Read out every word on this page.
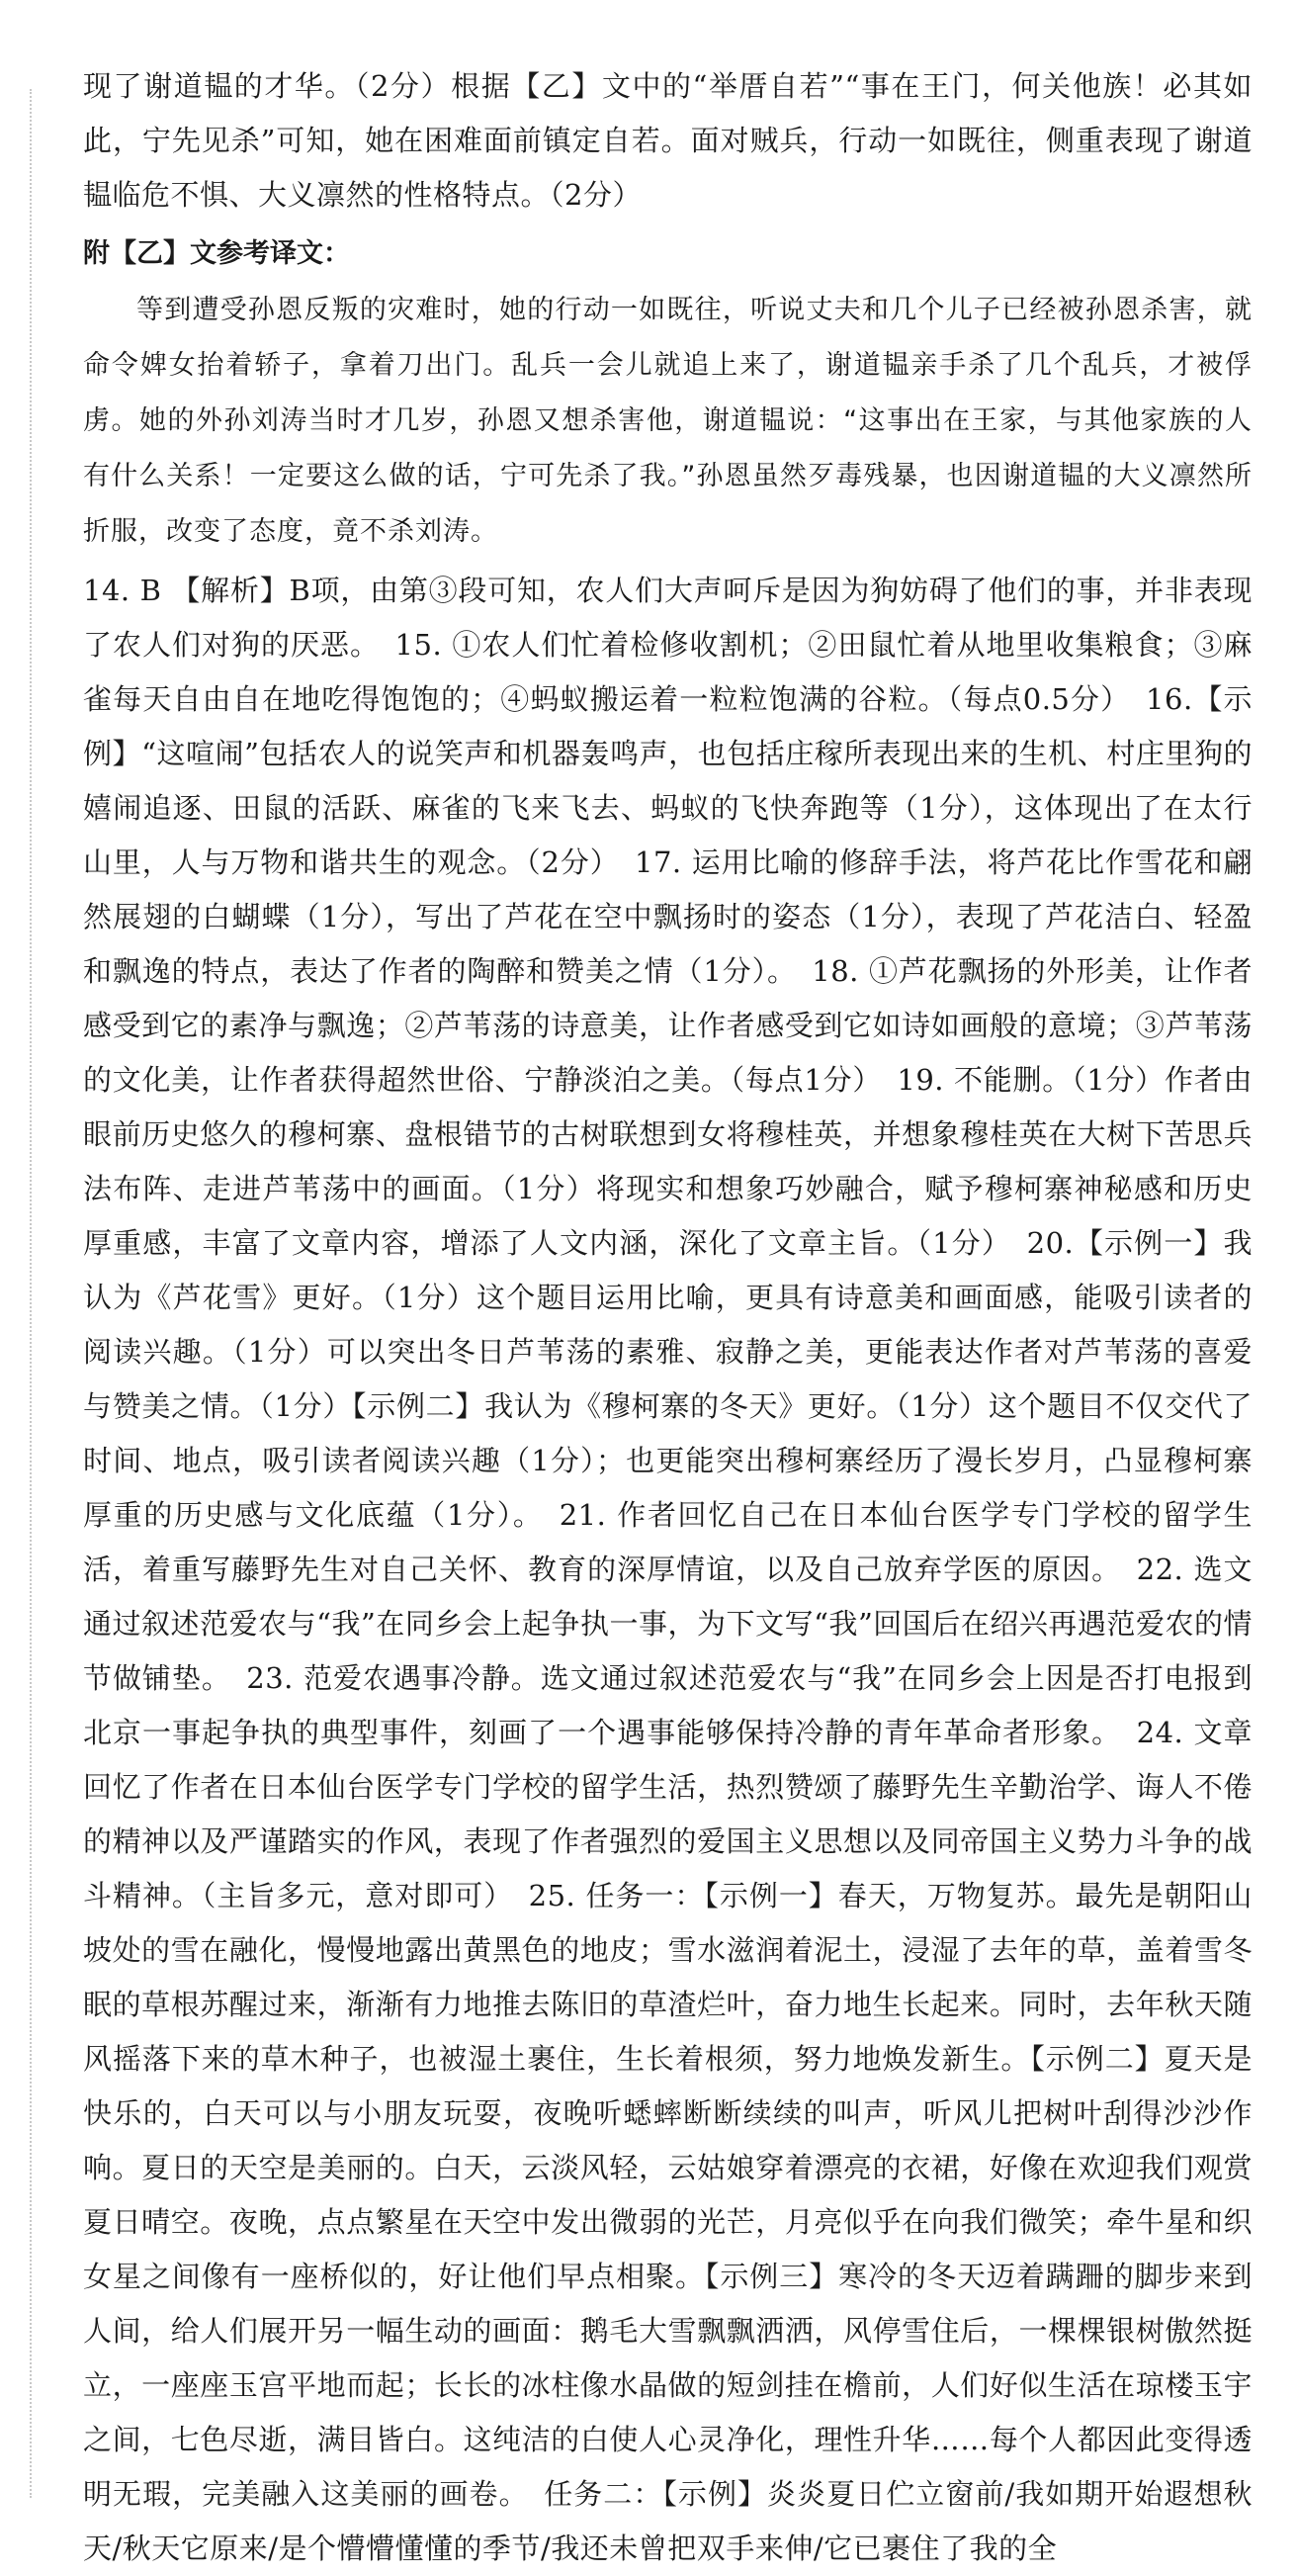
现了谢道韫的才华。（2分）根据【乙】文中的“举厝自若”“事在王门，何关他族！必其如此，宁先见杀”可知，她在困难面前镇定自若。面对贼兵，行动一如既往，侧重表现了谢道韫临危不惧、大义凛然的性格特点。（2分）

附【乙】文参考译文：

等到遭受孙恩反叛的灾难时，她的行动一如既往，听说丈夫和几个儿子已经被孙恩杀害，就命令婢女抬着轿子，拿着刀出门。乱兵一会儿就追上来了，谢道韫亲手杀了几个乱兵，才被俘虏。她的外孙刘涛当时才几岁，孙恩又想杀害他，谢道韫说：“这事出在王家，与其他家族的人有什么关系！一定要这么做的话，宁可先杀了我。”孙恩虽然歹毒残暴，也因谢道韫的大义凛然所折服，改变了态度，竟不杀刘涛。

14. B 【解析】B项，由第③段可知，农人们大声呵斥是因为狗妨碍了他们的事，并非表现了农人们对狗的厌恶。　15. ①农人们忙着检修收割机；②田鼠忙着从地里收集粮食；③麻雀每天自由自在地吃得饱饱的；④蚂蚁搬运着一粒粒饱满的谷粒。（每点0.5分）　16.【示例】“这喧闹”包括农人的说笑声和机器轰鸣声，也包括庄稼所表现出来的生机、村庄里狗的嬉闹追逐、田鼠的活跃、麻雀的飞来飞去、蚂蚁的飞快奔跑等（1分），这体现出了在太行山里，人与万物和谐共生的观念。（2分）　17. 运用比喻的修辞手法，将芦花比作雪花和翩然展翅的白蝴蝶（1分），写出了芦花在空中飘扬时的姿态（1分），表现了芦花洁白、轻盈和飘逸的特点，表达了作者的陶醉和赞美之情（1分）。　18. ①芦花飘扬的外形美，让作者感受到它的素净与飘逸；②芦苇荡的诗意美，让作者感受到它如诗如画般的意境；③芦苇荡的文化美，让作者获得超然世俗、宁静淡泊之美。（每点1分）　19. 不能删。（1分）作者由眼前历史悠久的穆柯寨、盘根错节的古树联想到女将穆桂英，并想象穆桂英在大树下苦思兵法布阵、走进芦苇荡中的画面。（1分）将现实和想象巧妙融合，赋予穆柯寨神秘感和历史厚重感，丰富了文章内容，增添了人文内涵，深化了文章主旨。（1分）　20.【示例一】我认为《芦花雪》更好。（1分）这个题目运用比喻，更具有诗意美和画面感，能吸引读者的阅读兴趣。（1分）可以突出冬日芦苇荡的素雅、寂静之美，更能表达作者对芦苇荡的喜爱与赞美之情。（1分）【示例二】我认为《穆柯寨的冬天》更好。（1分）这个题目不仅交代了时间、地点，吸引读者阅读兴趣（1分）；也更能突出穆柯寨经历了漫长岁月，凸显穆柯寨厚重的历史感与文化底蕴（1分）。　21. 作者回忆自己在日本仙台医学专门学校的留学生活，着重写藤野先生对自己关怀、教育的深厚情谊，以及自己放弃学医的原因。　22. 选文通过叙述范爱农与“我”在同乡会上起争执一事，为下文写“我”回国后在绍兴再遇范爱农的情节做铺垫。　23. 范爱农遇事冷静。选文通过叙述范爱农与“我”在同乡会上因是否打电报到北京一事起争执的典型事件，刻画了一个遇事能够保持冷静的青年革命者形象。　24. 文章回忆了作者在日本仙台医学专门学校的留学生活，热烈赞颂了藤野先生辛勤治学、诲人不倦的精神以及严谨踏实的作风，表现了作者强烈的爱国主义思想以及同帝国主义势力斗争的战斗精神。（主旨多元，意对即可）　25. 任务一：【示例一】春天，万物复苏。最先是朝阳山坡处的雪在融化，慢慢地露出黄黑色的地皮；雪水滋润着泥土，浸湿了去年的草，盖着雪冬眠的草根苏醒过来，渐渐有力地推去陈旧的草渣烂叶，奋力地生长起来。同时，去年秋天随风摇落下来的草木种子，也被湿土裹住，生长着根须，努力地焕发新生。【示例二】夏天是快乐的，白天可以与小朋友玩耍，夜晚听蟋蟀断断续续的叫声，听风儿把树叶刮得沙沙作响。夏日的天空是美丽的。白天，云淡风轻，云姑娘穿着漂亮的衣裙，好像在欢迎我们观赏夏日晴空。夜晚，点点繁星在天空中发出微弱的光芒，月亮似乎在向我们微笑；牵牛星和织女星之间像有一座桥似的，好让他们早点相聚。【示例三】寒冷的冬天迈着蹒跚的脚步来到人间，给人们展开另一幅生动的画面：鹅毛大雪飘飘洒洒，风停雪住后，一棵棵银树傲然挺立，一座座玉宫平地而起；长长的冰柱像水晶做的短剑挂在檐前，人们好似生活在琼楼玉宇之间，七色尽逝，满目皆白。这纯洁的白使人心灵净化，理性升华……每个人都因此变得透明无瑕，完美融入这美丽的画卷。　任务二：【示例】炎炎夏日伫立窗前/我如期开始遐想秋天/秋天它原来/是个懵懵懂懂的季节/我还未曾把双手来伸/它已裹住了我的全
